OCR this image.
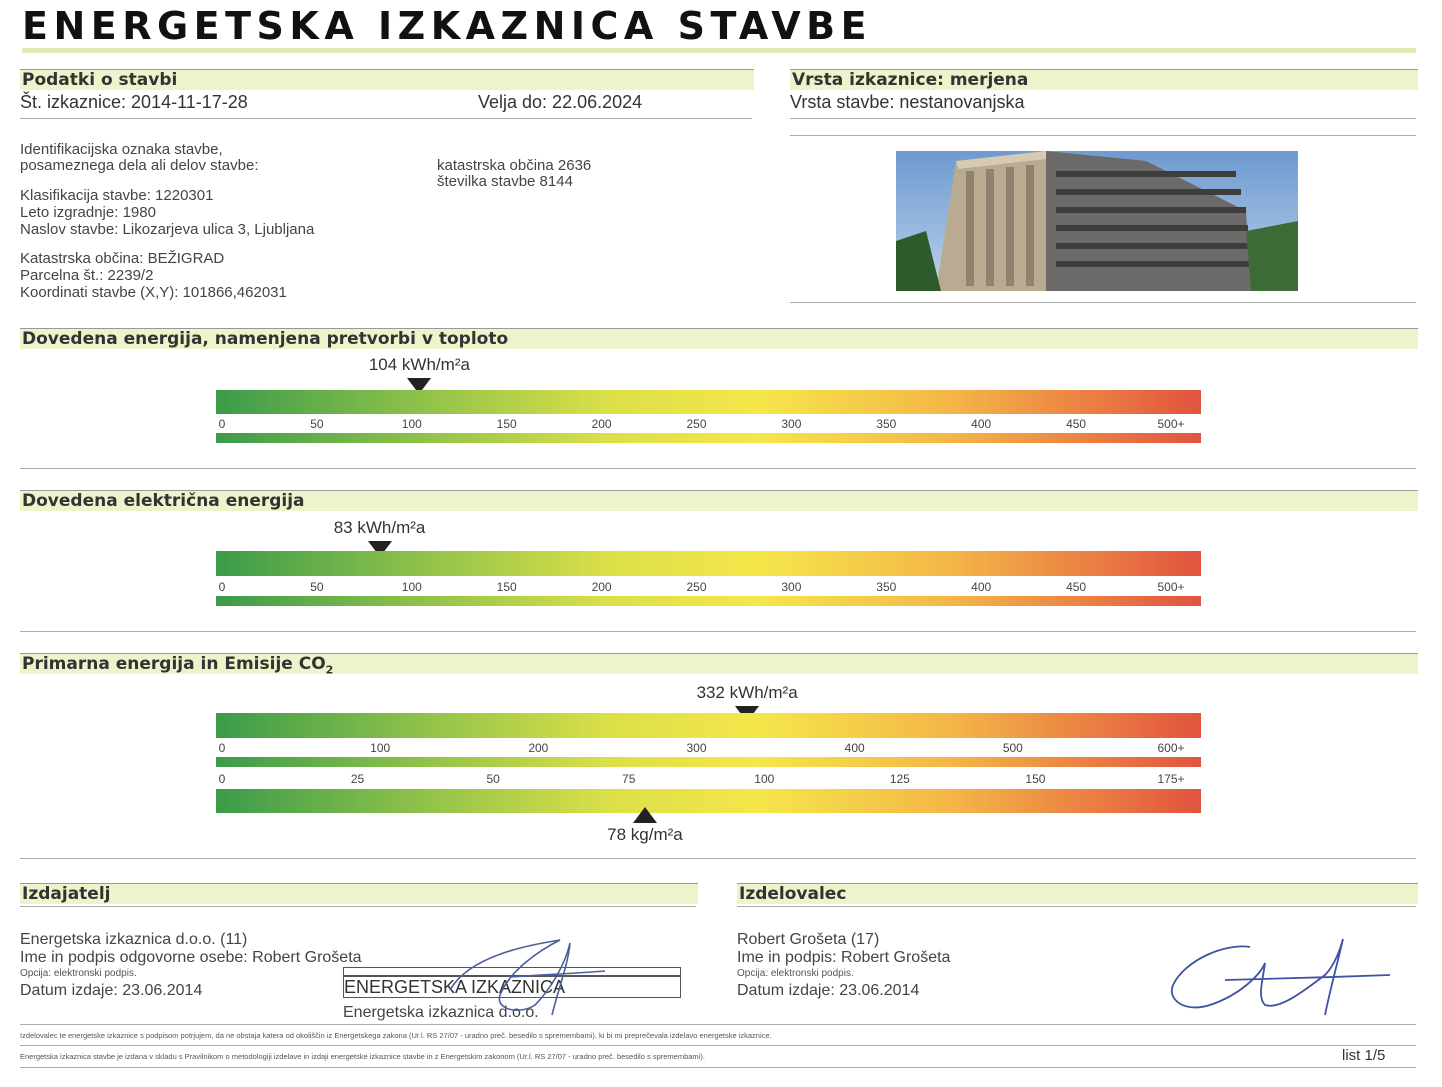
ENERGETSKA IZKAZNICA STAVBE
Podatki o stavbi
Št. izkaznice: 2014-11-17-28	Velja do: 22.06.2024
Identifikacijska oznaka stavbe,
posameznega dela ali delov stavbe:	katastrska občina 2636
številka stavbe 8144
Klasifikacija stavbe: 1220301
Leto izgradnje: 1980
Naslov stavbe: Likozarjeva ulica 3, Ljubljana
Katastrska občina: BEŽIGRAD
Parcelna št.: 2239/2
Koordinati stavbe (X,Y): 101866,462031
Vrsta izkaznice: merjena
Vrsta stavbe: nestanovanjska
Dovedena energija, namenjena pretvorbi v toploto
104 kWh/m²a
0	50	100	150	200	250	300	350	400	450	500+
Dovedena električna energija
83 kWh/m²a
0	50	100	150	200	250	300	350	400	450	500+
Primarna energija in Emisije $CO_2$
332 kWh/m²a
0	100	200	300	400	500	600+
0	25	50	75	100	125	150	175+
78 kg/m²a
Izdajatelj
Energetska izkaznica d.o.o. (11)
Ime in podpis odgovorne osebe: Robert Grošeta
Opcija: elektronski podpis.
Datum izdaje: 23.06.2014	ENERGETSKA IZKAZNICA
Energetska izkaznica d.o.o.
Izdelovalec
Robert Grošeta (17)
Ime in podpis: Robert Grošeta
Opcija: elektronski podpis.
Datum izdaje: 23.06.2014
Izdelovalec te energetske izkaznice s podpisom potrjujem, da ne obstaja katera od okoliščin iz Energetskega zakona (Ur.l. RS 27/07 - uradno preč. besedilo s spremembami), ki bi mi preprečevala izdelavo energetske izkaznice.
Energetska izkaznica stavbe je izdana v skladu s Pravilnikom o metodologiji izdelave in izdaji energetske izkaznice stavbe in z Energetskim zakonom (Ur.l. RS 27/07 - uradno preč. besedilo s spremembami).	list 1/5
